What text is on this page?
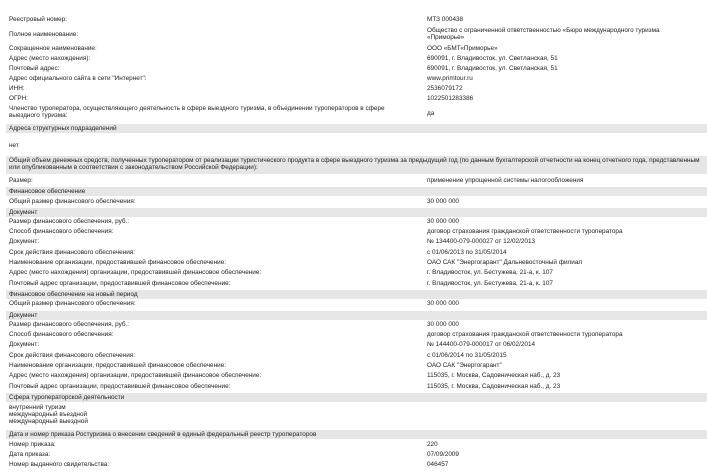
Реестровый номер:	МТЗ 000438
Полное наименование:
Общество с ограниченной ответственностью «Бюро международного туризма «Приморье»
Сокращенное наименование:	ООО «БМТ«Приморье»
Адрес (место нахождения):	690091, г. Владивосток, ул. Светланская, 51
Почтовый адрес:	690091, г. Владивосток, ул. Светланская, 51
Адрес официального сайта в сети "Интернет":	www.primtour.ru
ИНН:	2536079172
ОГРН:	1022501283386
Членство туроператора, осуществляющего деятельность в сфере выездного туризма, в объединении туроператоров в сфере выездного туризма:	да
Адреса структурных подразделений
нет
Общий объем денежных средств, полученных туроператором от реализации туристического продукта в сфере выездного туризма за предыдущий год (по данным бухгалтерской отчетности на конец отчетного года, представленным или опубликованным в соответствии с законодательством Российской Федерации):
Размер:	применение упрощенной системы налогообложения
Финансовое обеспечение
Общий размер финансового обеспечения:	30 000 000
Документ
Размер финансового обеспечения, руб.:	30 000 000
Способ финансового обеспечения:	договор страхования гражданской ответственности туроператора
Документ:	№ 134400-079-000027 от 12/02/2013
Срок действия финансового обеспечения:	с 01/06/2013 по 31/05/2014
Наименование организации, предоставившей финансовое обеспечение:	ОАО САК "Энергогарант" Дальневосточный филиал
Адрес (место нахождения) организации, предоставившей финансовое обеспечение:	г. Владивосток, ул. Бестужева, 21-а, к. 107
Почтовый адрес организации, предоставившей финансовое обеспечение:	г. Владивосток, ул. Бестужева, 21-а, к. 107
Финансовое обеспечение на новый период
Общий размер финансового обеспечения:	30 000 000
Документ
Размер финансового обеспечения, руб.:	30 000 000
Способ финансового обеспечения:	договор страхования гражданской ответственности туроператора
Документ:	№ 144400-079-000017 от 06/02/2014
Срок действия финансового обеспечения:	с 01/06/2014 по 31/05/2015
Наименование организации, предоставившей финансовое обеспечение:	ОАО САК "Энергогарант"
Адрес (место нахождения) организации, предоставившей финансовое обеспечение:	115035, г. Москва, Садовническая наб., д. 23
Почтовый адрес организации, предоставившей финансовое обеспечение:	115035, г. Москва, Садовническая наб., д. 23
Сфера туроператорской деятельности
внутренний туризм
международный въездной
международный выездной
Дата и номер приказа Ростуризма о внесении сведений в единый федеральный реестр туроператоров
Номер приказа:	220
Дата приказа:	07/09/2009
Номер выданного свидетельства:	046457
